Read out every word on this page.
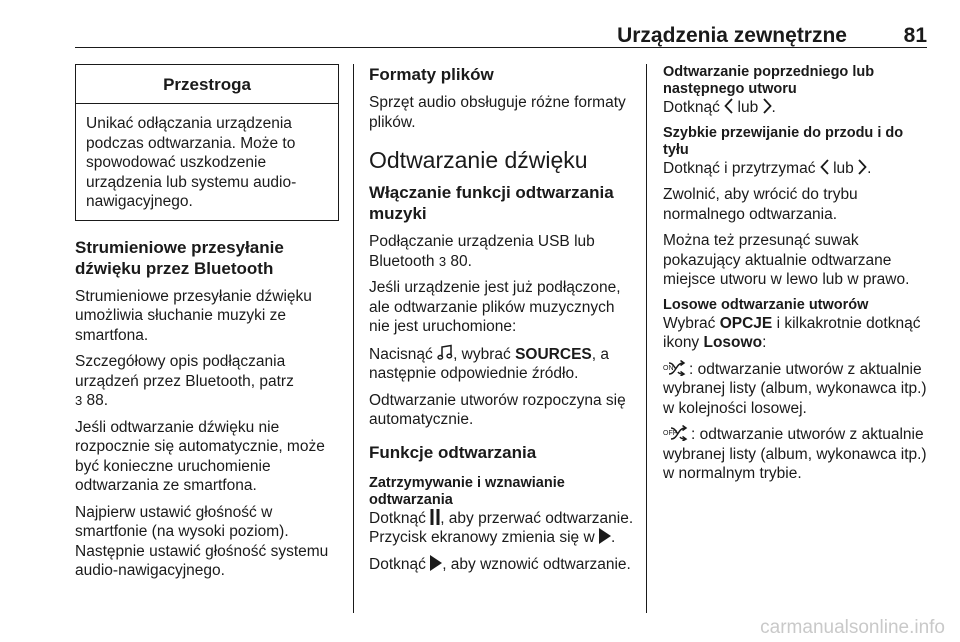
Urządzenia zewnętrzne	81
Przestroga
Unikać odłączania urządzenia podczas odtwarzania. Może to spowodować uszkodzenie urządzenia lub systemu audio-nawigacyjnego.
Strumieniowe przesyłanie dźwięku przez Bluetooth

Strumieniowe przesyłanie dźwięku umożliwia słuchanie muzyki ze smartfona.

Szczegółowy opis podłączania urządzeń przez Bluetooth, patrz
3 88.

Jeśli odtwarzanie dźwięku nie rozpocznie się automatycznie, może być konieczne uruchomienie odtwarzania ze smartfona.

Najpierw ustawić głośność w smartfonie (na wysoki poziom). Następnie ustawić głośność systemu audio-nawigacyjnego.

Formaty plików

Sprzęt audio obsługuje różne formaty plików.

Odtwarzanie dźwięku
Włączanie funkcji odtwarzania muzyki

Podłączanie urządzenia USB lub Bluetooth 3 80.

Jeśli urządzenie jest już podłączone, ale odtwarzanie plików muzycznych nie jest uruchomione:

Nacisnąć , wybrać SOURCES, a następnie odpowiednie źródło.

Odtwarzanie utworów rozpoczyna się automatycznie.

Funkcje odtwarzania
Zatrzymywanie i wznawianie odtwarzania

Dotknąć , aby przerwać odtwarzanie. Przycisk ekranowy zmienia się w .

Dotknąć , aby wznowić odtwarzanie.

Odtwarzanie poprzedniego lub następnego utworu

Dotknąć lub .

Szybkie przewijanie do przodu i do tyłu

Dotknąć i przytrzymać lub .

Zwolnić, aby wrócić do trybu normalnego odtwarzania.

Można też przesunąć suwak pokazujący aktualnie odtwarzane miejsce utworu w lewo lub w prawo.

Losowe odtwarzanie utworów

Wybrać OPCJE i kilkakrotnie dotknąć ikony Losowo:

ON : odtwarzanie utworów z aktualnie wybranej listy (album, wykonawca itp.) w kolejności losowej.

OFF : odtwarzanie utworów z aktualnie wybranej listy (album, wykonawca itp.) w normalnym trybie.

carmanualsonline.info
